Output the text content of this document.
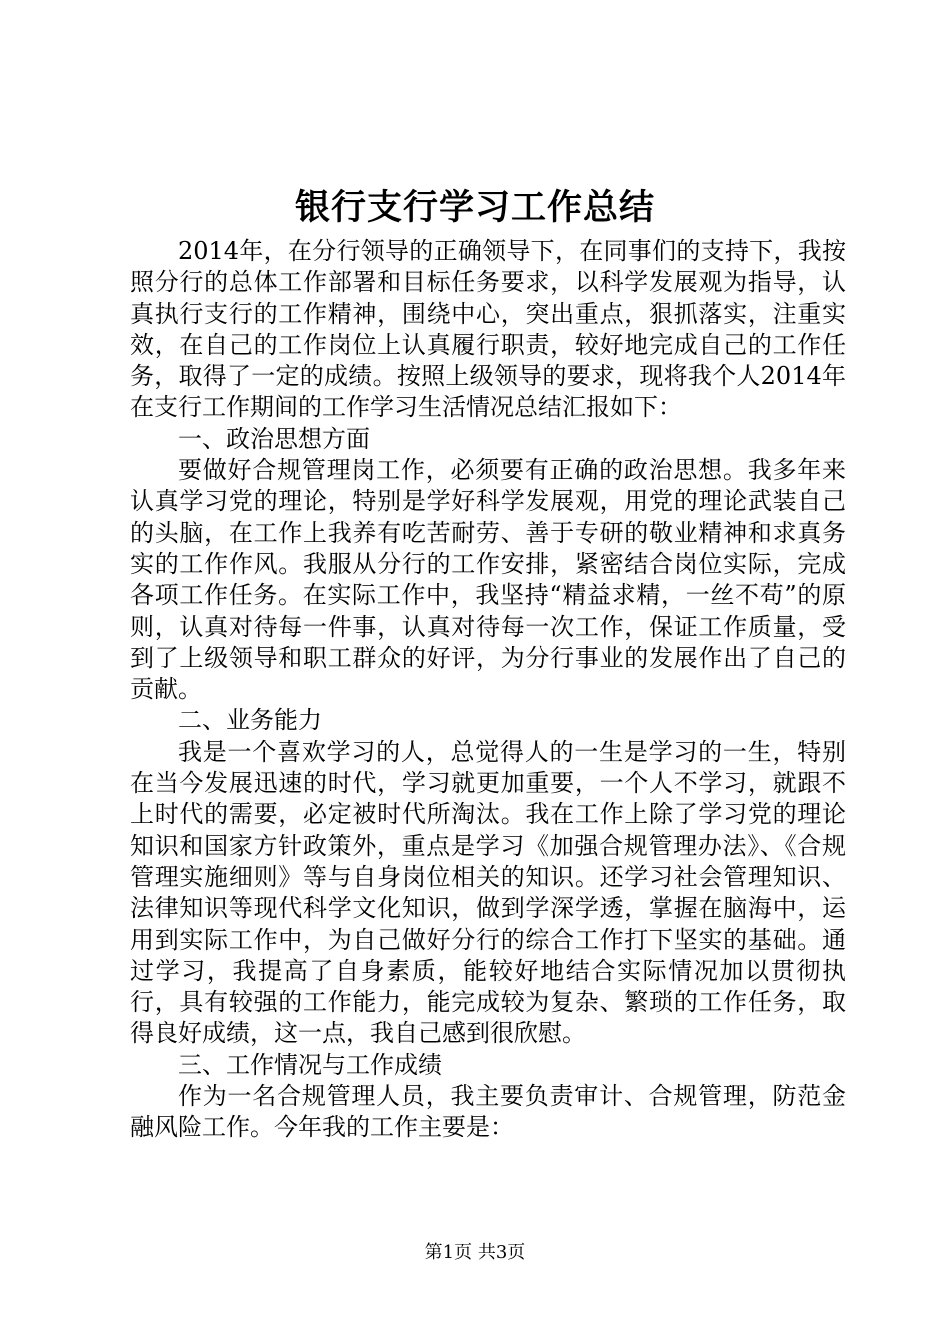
银行支行学习工作总结

2014年，在分行领导的正确领导下，在同事们的支持下，我按照分行的总体工作部署和目标任务要求，以科学发展观为指导，认真执行支行的工作精神，围绕中心，突出重点，狠抓落实，注重实效，在自己的工作岗位上认真履行职责，较好地完成自己的工作任务，取得了一定的成绩。按照上级领导的要求，现将我个人2014年在支行工作期间的工作学习生活情况总结汇报如下：

一、政治思想方面

要做好合规管理岗工作，必须要有正确的政治思想。我多年来认真学习党的理论，特别是学好科学发展观，用党的理论武装自己的头脑，在工作上我养有吃苦耐劳、善于专研的敬业精神和求真务实的工作作风。我服从分行的工作安排，紧密结合岗位实际，完成各项工作任务。在实际工作中，我坚持“精益求精，一丝不苟”的原则，认真对待每一件事，认真对待每一次工作，保证工作质量，受到了上级领导和职工群众的好评，为分行事业的发展作出了自己的贡献。

二、业务能力

我是一个喜欢学习的人，总觉得人的一生是学习的一生，特别在当今发展迅速的时代，学习就更加重要，一个人不学习，就跟不上时代的需要，必定被时代所淘汰。我在工作上除了学习党的理论知识和国家方针政策外，重点是学习《加强合规管理办法》、《合规管理实施细则》等与自身岗位相关的知识。还学习社会管理知识、法律知识等现代科学文化知识，做到学深学透，掌握在脑海中，运用到实际工作中，为自己做好分行的综合工作打下坚实的基础。通过学习，我提高了自身素质，能较好地结合实际情况加以贯彻执行，具有较强的工作能力，能完成较为复杂、繁琐的工作任务，取得良好成绩，这一点，我自己感到很欣慰。

三、工作情况与工作成绩

作为一名合规管理人员，我主要负责审计、合规管理，防范金融风险工作。今年我的工作主要是：

第1页 共3页
